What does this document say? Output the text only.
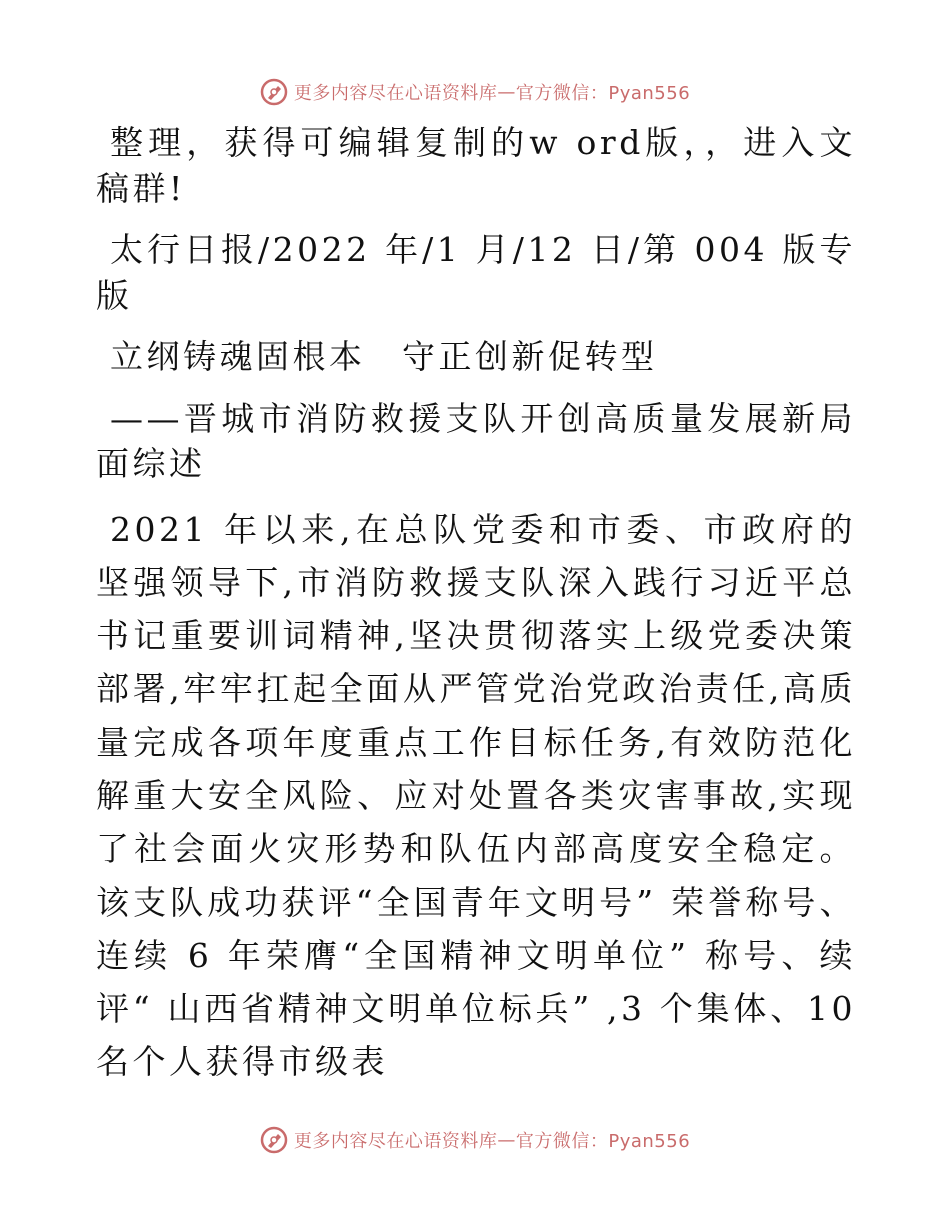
更多内容尽在心语资料库 — 官方微信：Pyan556

整理，获得可编辑复制的w ord版，，进入文稿群!

太行日报/2022 年/1 月/12 日/第 004 版专版

立纲铸魂固根本　守正创新促转型

——晋城市消防救援支队开创高质量发展新局面综述

2021 年以来,在总队党委和市委、市政府的坚强领导下,市消防救援支队深入践行习近平总书记重要训词精神,坚决贯彻落实上级党委决策部署,牢牢扛起全面从严管党治党政治责任,高质量完成各项年度重点工作目标任务,有效防范化解重大安全风险、应对处置各类灾害事故,实现了社会面火灾形势和队伍内部高度安全稳定。该支队成功获评“全国青年文明号” 荣誉称号、连续 6 年荣膺“全国精神文明单位” 称号、续评“ 山西省精神文明单位标兵” ,3 个集体、10 名个人获得市级表

更多内容尽在心语资料库 — 官方微信：Pyan556
